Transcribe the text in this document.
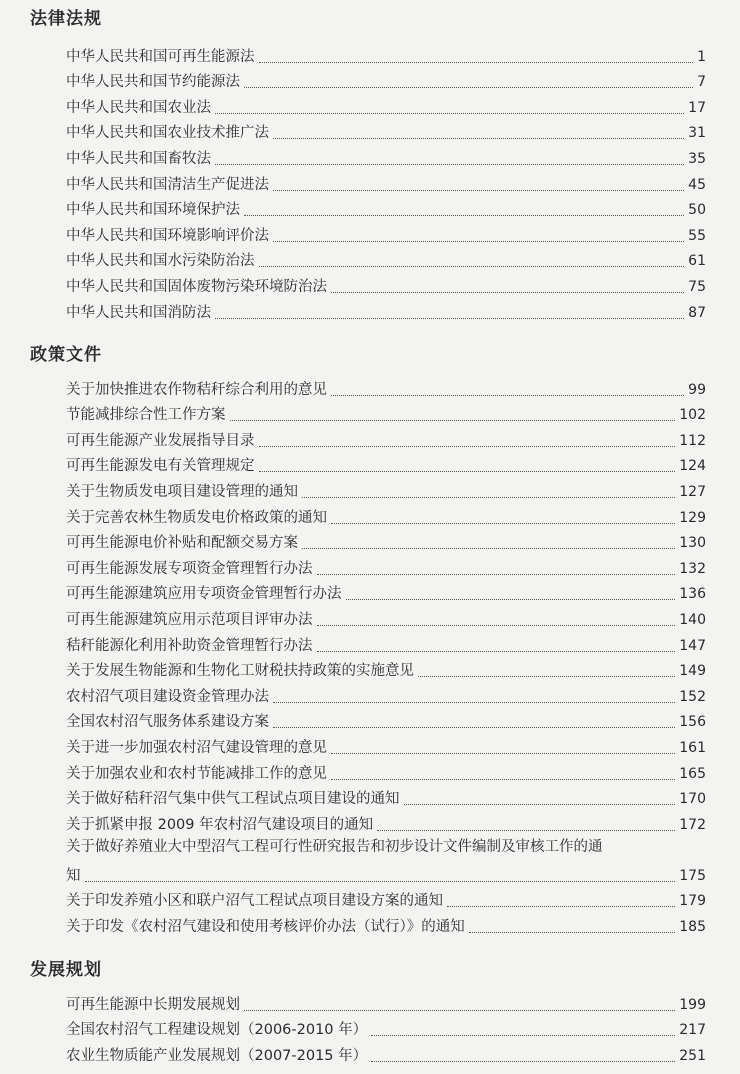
法律法规
中华人民共和国可再生能源法	1
中华人民共和国节约能源法	7
中华人民共和国农业法	17
中华人民共和国农业技术推广法	31
中华人民共和国畜牧法	35
中华人民共和国清洁生产促进法	45
中华人民共和国环境保护法	50
中华人民共和国环境影响评价法	55
中华人民共和国水污染防治法	61
中华人民共和国固体废物污染环境防治法	75
中华人民共和国消防法	87
政策文件
关于加快推进农作物秸秆综合利用的意见	99
节能减排综合性工作方案	102
可再生能源产业发展指导目录	112
可再生能源发电有关管理规定	124
关于生物质发电项目建设管理的通知	127
关于完善农林生物质发电价格政策的通知	129
可再生能源电价补贴和配额交易方案	130
可再生能源发展专项资金管理暂行办法	132
可再生能源建筑应用专项资金管理暂行办法	136
可再生能源建筑应用示范项目评审办法	140
秸秆能源化利用补助资金管理暂行办法	147
关于发展生物能源和生物化工财税扶持政策的实施意见	149
农村沼气项目建设资金管理办法	152
全国农村沼气服务体系建设方案	156
关于进一步加强农村沼气建设管理的意见	161
关于加强农业和农村节能减排工作的意见	165
关于做好秸秆沼气集中供气工程试点项目建设的通知	170
关于抓紧申报 2009 年农村沼气建设项目的通知	172
关于做好养殖业大中型沼气工程可行性研究报告和初步设计文件编制及审核工作的通
知	175
关于印发养殖小区和联户沼气工程试点项目建设方案的通知	179
关于印发《农村沼气建设和使用考核评价办法（试行）》的通知	185
发展规划
可再生能源中长期发展规划	199
全国农村沼气工程建设规划（2006-2010 年）	217
农业生物质能产业发展规划（2007-2015 年）	251
